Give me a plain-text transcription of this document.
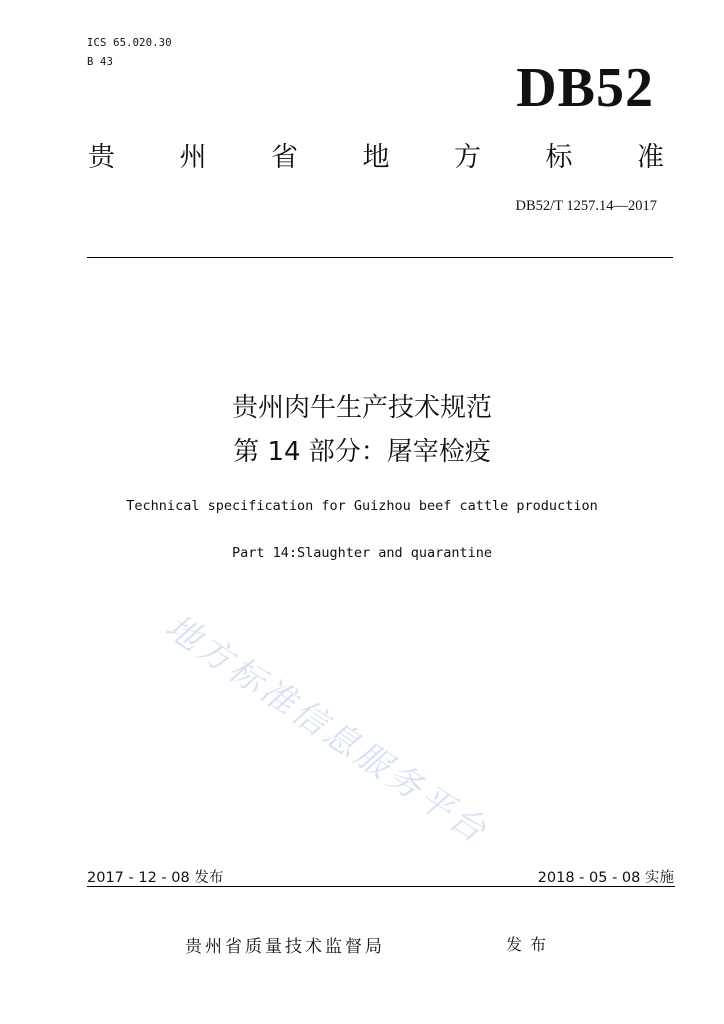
ICS 65.020.30
B 43	DB52
贵 州 省 地 方 标 准
DB52/T 1257.14—2017
贵州肉牛生产技术规范
第 14 部分：屠宰检疫
Technical specification for Guizhou beef cattle production
Part 14:Slaughter and quarantine
地方标准信息服务平台
2017 - 12 - 08 发布	2018 - 05 - 08 实施
贵州省质量技术监督局	发布
